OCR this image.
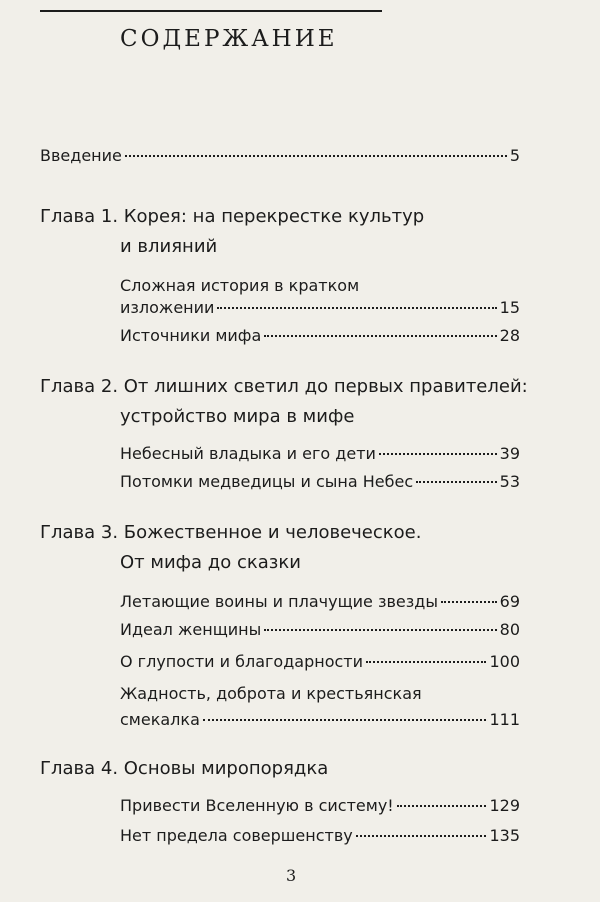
СОДЕРЖАНИЕ
Введение	5
Глава 1. Корея: на перекрестке культур
и влияний
Сложная история в кратком
изложении	15
Источники мифа	28
Глава 2. От лишних светил до первых правителей:
устройство мира в мифе
Небесный владыка и его дети	39
Потомки медведицы и сына Небес	53
Глава 3. Божественное и человеческое.
От мифа до сказки
Летающие воины и плачущие звезды	69
Идеал женщины	80
О глупости и благодарности	100
Жадность, доброта и крестьянская
смекалка	111
Глава 4. Основы миропорядка
Привести Вселенную в систему!	129
Нет предела совершенству	135
3
